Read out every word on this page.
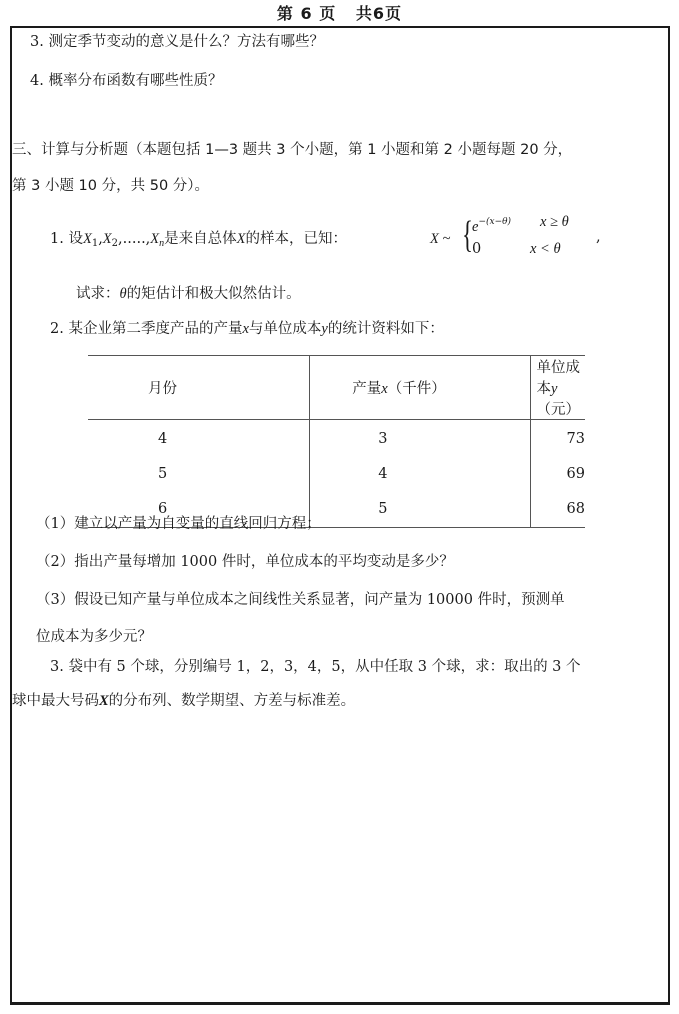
第 6 页 共6页
3. 测定季节变动的意义是什么？方法有哪些？
4. 概率分布函数有哪些性质？
三、计算与分析题（本题包括 1—3 题共 3 个小题，第 1 小题和第 2 小题每题 20 分，
第 3 小题 10 分，共 50 分）。
1. 设$X_1,X_2,.....,X_n$是来自总体X的样本，已知：	X ~ { $e^{-(x-\theta)}$ x ≥ θ
0	x < θ
,
试求：θ的矩估计和极大似然估计。
2. 某企业第二季度产品的产量x与单位成本y的统计资料如下：
月份	产量x（千件）	单位成本y（元）
4	3	73
5	4	69
6	5	68
（1）建立以产量为自变量的直线回归方程；
（2）指出产量每增加 1000 件时，单位成本的平均变动是多少？
（3）假设已知产量与单位成本之间线性关系显著，问产量为 10000 件时，预测单
位成本为多少元？
3. 袋中有 5 个球，分别编号 1，2，3，4，5，从中任取 3 个球，求：取出的 3 个
球中最大号码X的分布列、数学期望、方差与标准差。
